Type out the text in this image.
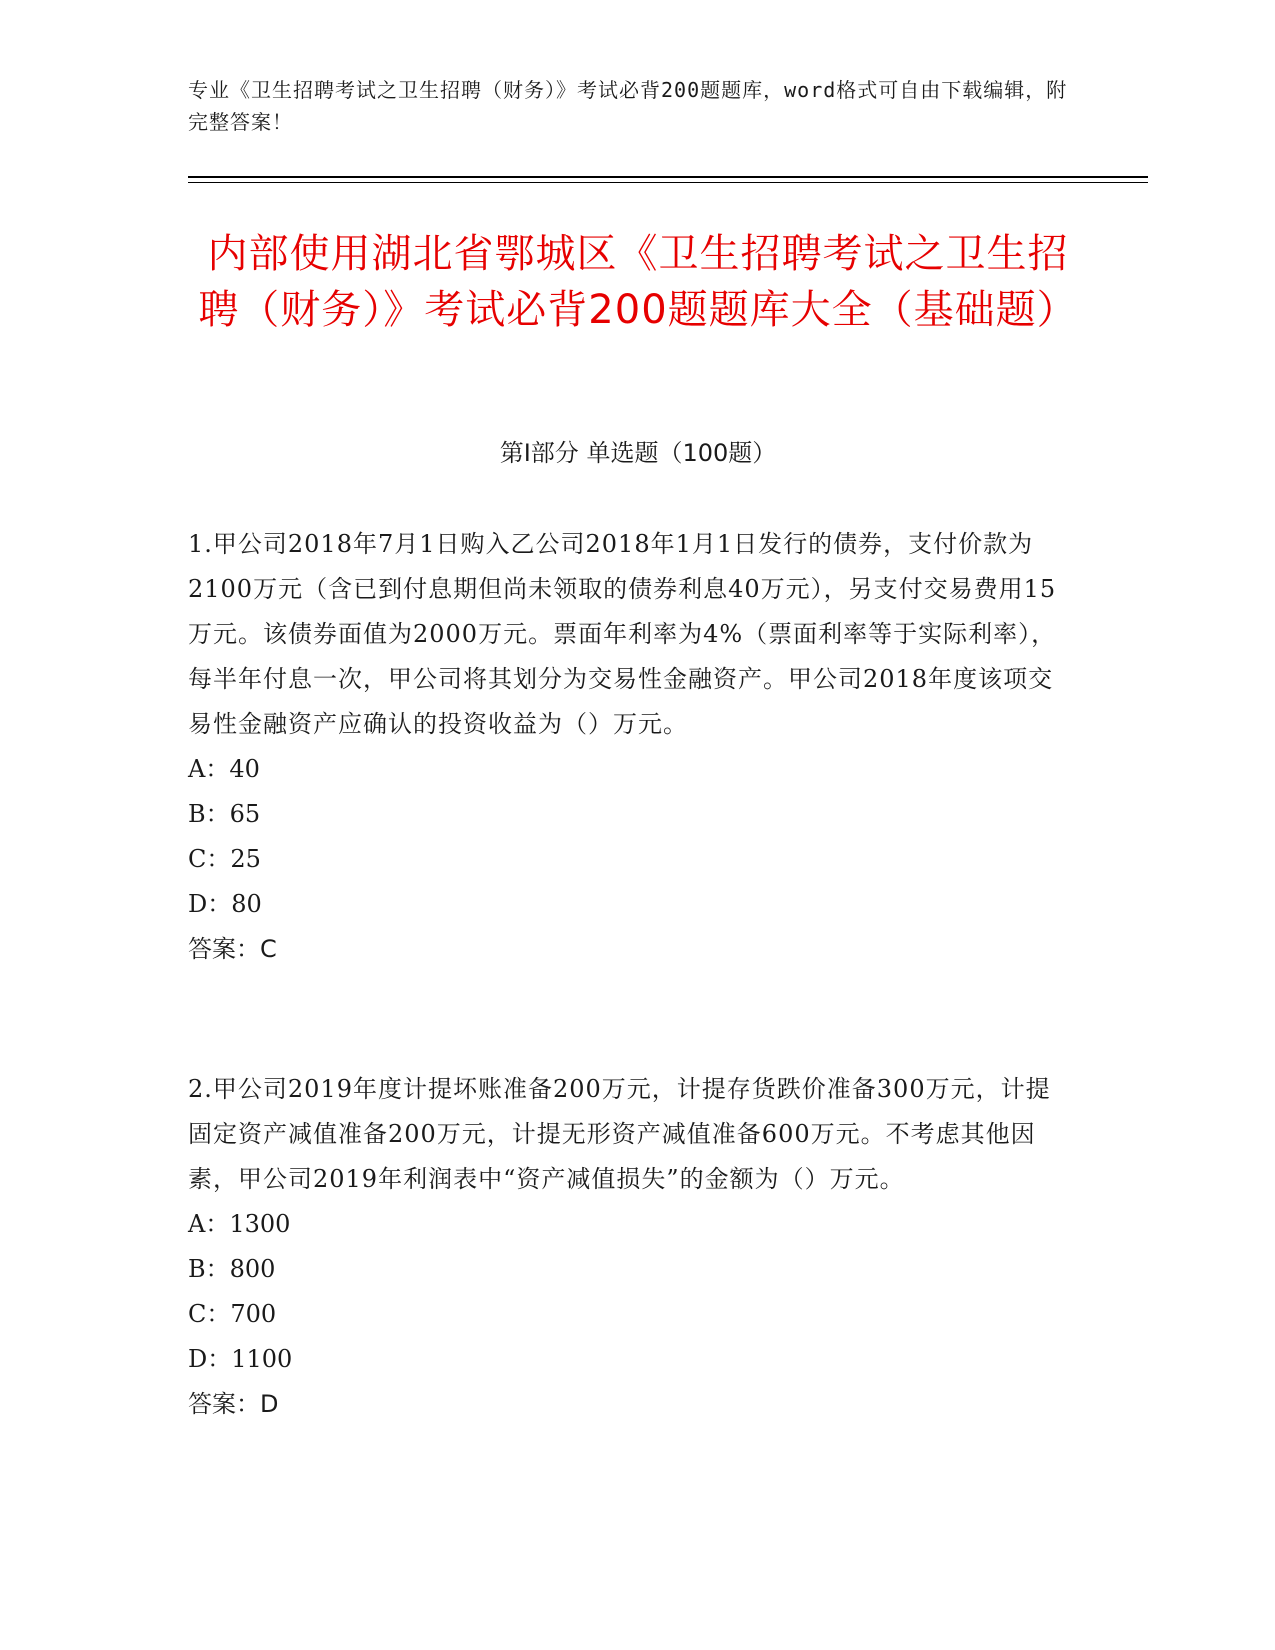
专业《卫生招聘考试之卫生招聘（财务）》考试必背200题题库，word格式可自由下载编辑，附完整答案！
内部使用湖北省鄂城区《卫生招聘考试之卫生招聘（财务）》考试必背200题题库大全（基础题）
第I部分 单选题（100题）
1.甲公司2018年7月1日购入乙公司2018年1月1日发行的债券，支付价款为2100万元（含已到付息期但尚未领取的债券利息40万元），另支付交易费用15万元。该债券面值为2000万元。票面年利率为4%（票面利率等于实际利率），每半年付息一次，甲公司将其划分为交易性金融资产。甲公司2018年度该项交易性金融资产应确认的投资收益为（）万元。
A：40
B：65
C：25
D：80
答案：C
2.甲公司2019年度计提坏账准备200万元，计提存货跌价准备300万元，计提固定资产减值准备200万元，计提无形资产减值准备600万元。不考虑其他因素，甲公司2019年利润表中“资产减值损失”的金额为（）万元。
A：1300
B：800
C：700
D：1100
答案：D
